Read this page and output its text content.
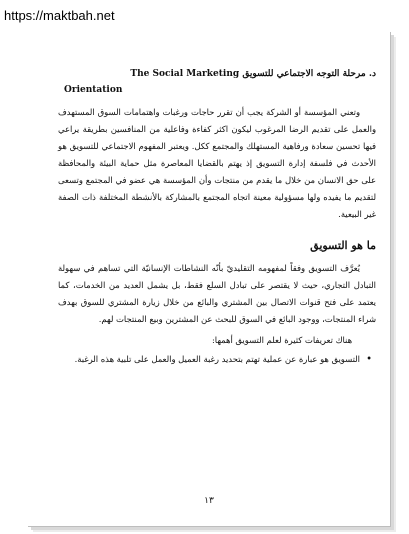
https://maktbah.net
د. مرحلة التوجه الاجتماعي للتسويق The Social Marketing
Orientation

وتعني المؤسسة أو الشركة يجب أن تقرر حاجات ورغبات واهتمامات السوق المستهدف والعمل على تقديم الرضا المرغوب ليكون اكثر كفاءة وفاعلية من المنافسين بطريقة يراعي فيها تحسين سعادة ورفاهية المستهلك والمجتمع ككل. ويعتبر المفهوم الاجتماعي للتسويق هو الأحدث في فلسفة إدارة التسويق إذ يهتم بالقضايا المعاصرة مثل حماية البيئة والمحافظة على حق الانسان من خلال ما يقدم من منتجات وأن المؤسسة هي عضو في المجتمع وتسعى لتقديم ما يفيده ولها مسؤولية معينة اتجاه المجتمع بالمشاركة بالأنشطة المختلفة ذات الصفة غير البيعية.

ما هو التسويق

يُعرَّف التسويق وفقاً لمفهومه التقليديّ بأنّه النشاطات الإنسانيّة التي تساهم في سهولة التبادل التجاري، حيث لا يقتصر على تبادل السلع فقط، بل يشمل العديد من الخدمات، كما يعتمد على فتح قنوات الاتصال بين المشتري والبائع من خلال زيارة المشتري للسوق بهدف شراء المنتجات، ووجود البائع في السوق للبحث عن المشترين وبيع المنتجات لهم.

هناك تعريفات كثيرة لعلم التسويق أهمها:

• التسويق هو عبارة عن عملية تهتم بتحديد رغبة العميل والعمل على تلبية هذه الرغبة.
١٣
